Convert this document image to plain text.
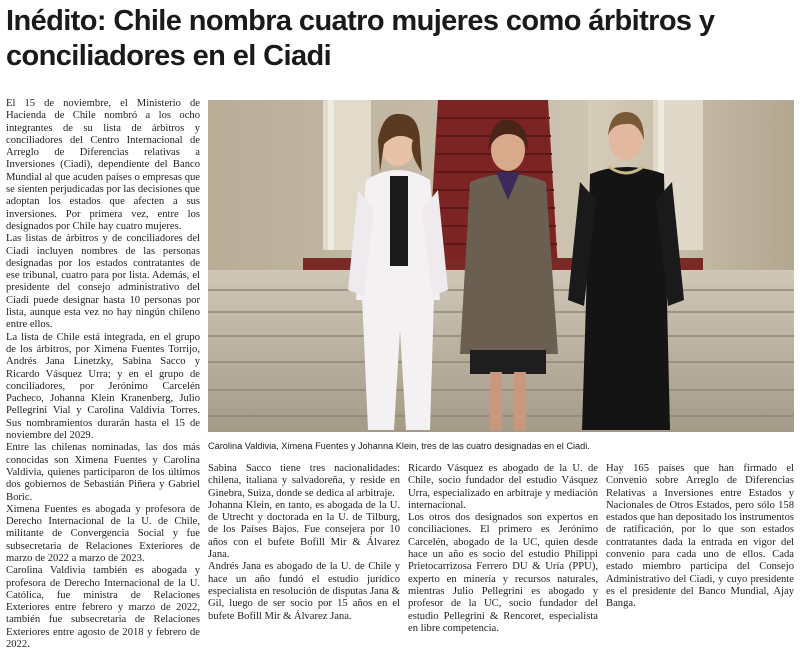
Inédito: Chile nombra cuatro mujeres como árbitros y conciliadores en el Ciadi

El 15 de noviembre, el Ministerio de Hacienda de Chile nombró a los ocho integrantes de su lista de árbitros y conciliadores del Centro Internacional de Arreglo de Diferencias relativas a Inversiones (Ciadi), dependiente del Banco Mundial al que acuden países o empresas que se sienten perjudicadas por las decisiones que adoptan los estados que afecten a sus inversiones. Por primera vez, entre los designados por Chile hay cuatro mujeres.

Las listas de árbitros y de conciliadores del Ciadi incluyen nombres de las personas designadas por los estados contratantes de ese tribunal, cuatro para por lista. Además, el presidente del consejo administrativo del Ciadi puede designar hasta 10 personas por lista, aunque esta vez no hay ningún chileno entre ellos.

La lista de Chile está integrada, en el grupo de los árbitros, por Ximena Fuentes Torrijo, Andrés Jana Linetzky, Sabina Sacco y Ricardo Vásquez Urra; y en el grupo de conciliadores, por Jerónimo Carcelén Pacheco, Johanna Klein Kranenberg, Julio Pellegrini Vial y Carolina Valdivia Torres. Sus nombramientos durarán hasta el 15 de noviembre del 2029.

Entre las chilenas nominadas, las dos más conocidas son Ximena Fuentes y Carolina Valdivia, quienes participaron de los últimos dos gobiernos de Sebastián Piñera y Gabriel Boric.

Ximena Fuentes es abogada y profesora de Derecho Internacional de la U. de Chile, militante de Convergencia Social y fue subsecretaria de Relaciones Exteriores de marzo de 2022 a marzo de 2023.

Carolina Valdivia también es abogada y profesora de Derecho Internacional de la U. Católica, fue ministra de Relaciones Exteriores entre febrero y marzo de 2022, también fue subsecretaria de Relaciones Exteriores entre agosto de 2018 y febrero de 2022.

Carolina Valdivia, Ximena Fuentes y Johanna Klein, tres de las cuatro designadas en el Ciadi.

Sabina Sacco tiene tres nacionalidades: chilena, italiana y salvadoreña, y reside en Ginebra, Suiza, donde se dedica al arbitraje.

Johanna Klein, en tanto, es abogada de la U. de Utrecht y doctorada en la U. de Tilburg, de los Países Bajos. Fue consejera por 10 años con el bufete Bofill Mir & Álvarez Jana.

Andrés Jana es abogado de la U. de Chile y hace un año fundó el estudio jurídico especialista en resolución de disputas Jana & Gil, luego de ser socio por 15 años en el bufete Bofill Mir & Álvarez Jana.

Ricardo Vásquez es abogado de la U. de Chile, socio fundador del estudio Vásquez Urra, especializado en arbitraje y mediación internacional.

Los otros dos designados son expertos en conciliaciones. El primero es Jerónimo Carcelén, abogado de la UC, quien desde hace un año es socio del estudio Philippi Prietocarrizosa Ferrero DU & Uría (PPU), experto en minería y recursos naturales, mientras Julio Pellegrini es abogado y profesor de la UC, socio fundador del estudio Pellegrini & Rencoret, especialista en libre competencia.

Hay 165 países que han firmado el Convenio sobre Arreglo de Diferencias Relativas a Inversiones entre Estados y Nacionales de Otros Estados, pero sólo 158 estados que han depositado los instrumentos de ratificación, por lo que son estados contratantes dada la entrada en vigor del convenio para cada uno de ellos. Cada estado miembro participa del Consejo Administrativo del Ciadi, y cuyo presidente es el presidente del Banco Mundial, Ajay Banga.
